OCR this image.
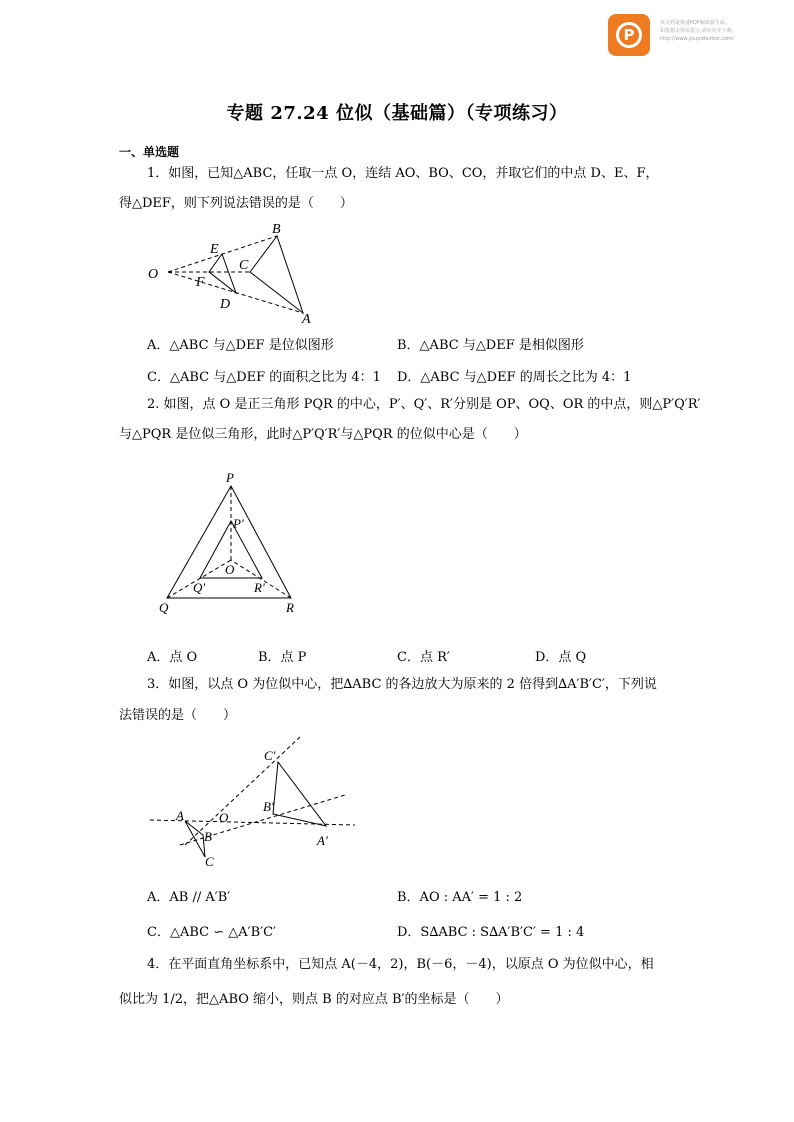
P
该文档是极速PDF编辑器生成,
如果想去掉该提示,请访问并下载:
http://www.jisupdfeditor.com/
专题 27.24 位似（基础篇）（专项练习）
一、单选题
1．如图，已知△ABC，任取一点 O，连结 AO、BO、CO，并取它们的中点 D、E、F，
得△DEF，则下列说法错误的是（　　）
O
E
F
D
B
C
A
A．△ABC 与△DEF 是位似图形	B．△ABC 与△DEF 是相似图形
C．△ABC 与△DEF 的面积之比为 4：1 D．△ABC 与△DEF 的周长之比为 4：1
2. 如图，点 O 是正三角形 PQR 的中心，P′、Q′、R′分别是 OP、OQ、OR 的中点，则△P′Q′R′
与△PQR 是位似三角形，此时△P′Q′R′与△PQR 的位似中心是（　　）
P
P′
O
Q′	R′
Q	R
A．点 O	B．点 P	C．点 R′	D．点 Q
3．如图，以点 O 为位似中心，把∆ABC 的各边放大为原来的 2 倍得到∆A′B′C′，下列说
法错误的是（　　）
C′
B′
A	O
B	A′
C
A．AB // A′B′	B．AO : AA′ = 1 : 2
C．△ABC ∽ △A′B′C′	D．S∆ABC : S∆A′B′C′ = 1 : 4
4．在平面直角坐标系中，已知点 A(－4，2)，B(－6，－4)，以原点 O 为位似中心，相
似比为 1/2，把△ABO 缩小，则点 B 的对应点 B′的坐标是（　　）
